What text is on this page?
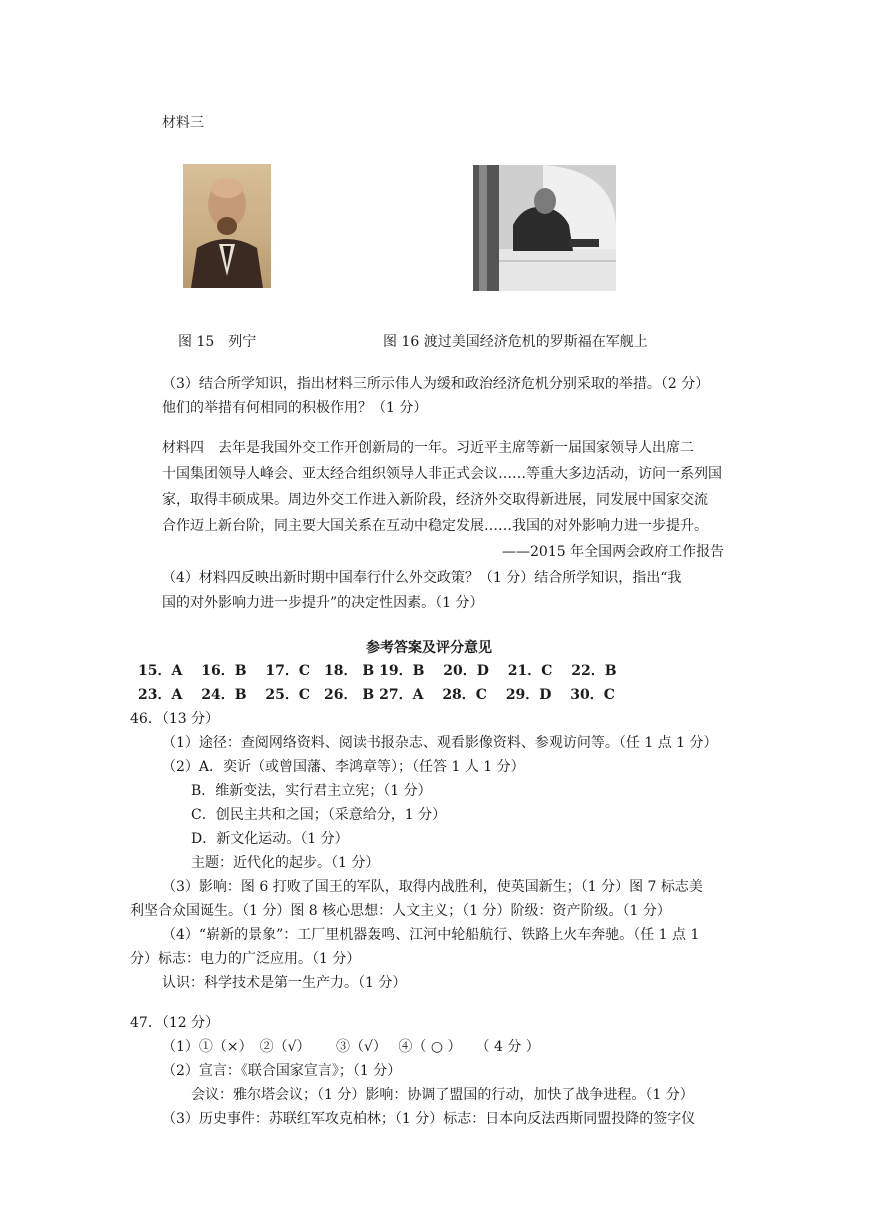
材料三
图 15　列宁	图 16 渡过美国经济危机的罗斯福在军舰上
（3）结合所学知识，指出材料三所示伟人为缓和政治经济危机分别采取的举措。（2 分）
他们的举措有何相同的积极作用？（1 分）
材料四　去年是我国外交工作开创新局的一年。习近平主席等新一届国家领导人出席二
十国集团领导人峰会、亚太经合组织领导人非正式会议……等重大多边活动，访问一系列国
家，取得丰硕成果。周边外交工作进入新阶段，经济外交取得新进展，同发展中国家交流
合作迈上新台阶，同主要大国关系在互动中稳定发展……我国的对外影响力进一步提升。
——2015 年全国两会政府工作报告
（4）材料四反映出新时期中国奉行什么外交政策？（1 分）结合所学知识，指出“我
国的对外影响力进一步提升”的决定性因素。（1 分）
参考答案及评分意见
15．A　 16．B　 17．C　18． B 19．B　 20．D　 21．C　 22．B
23．A　 24．B　 25．C　26． B 27．A　 28．C　 29．D　 30．C
46．（13 分）
（1）途径：查阅网络资料、阅读书报杂志、观看影像资料、参观访问等。（任 1 点 1 分）
（2）A．奕䜣（或曾国藩、李鸿章等）；（任答 1 人 1 分）
B．维新变法，实行君主立宪；（1 分）
C．创民主共和之国；（采意给分，1 分）
D．新文化运动。（1 分）
主题：近代化的起步。（1 分）
（3）影响：图 6 打败了国王的军队，取得内战胜利，使英国新生；（1 分）图 7 标志美
利坚合众国诞生。（1 分）图 8 核心思想：人文主义；（1 分）阶级：资产阶级。（1 分）
（4）“崭新的景象”：工厂里机器轰鸣、江河中轮船航行、铁路上火车奔驰。（任 1 点 1
分）标志：电力的广泛应用。（1 分）
认识：科学技术是第一生产力。（1 分）
47．（12 分）
（1）①（×）　②（√）　　 ③（√）　 ④（ ○ ）　　（ 4 分 ）
（2）宣言：《联合国家宣言》；（1 分）
会议：雅尔塔会议；（1 分）影响：协调了盟国的行动，加快了战争进程。（1 分）
（3）历史事件：苏联红军攻克柏林；（1 分）标志：日本向反法西斯同盟投降的签字仪
